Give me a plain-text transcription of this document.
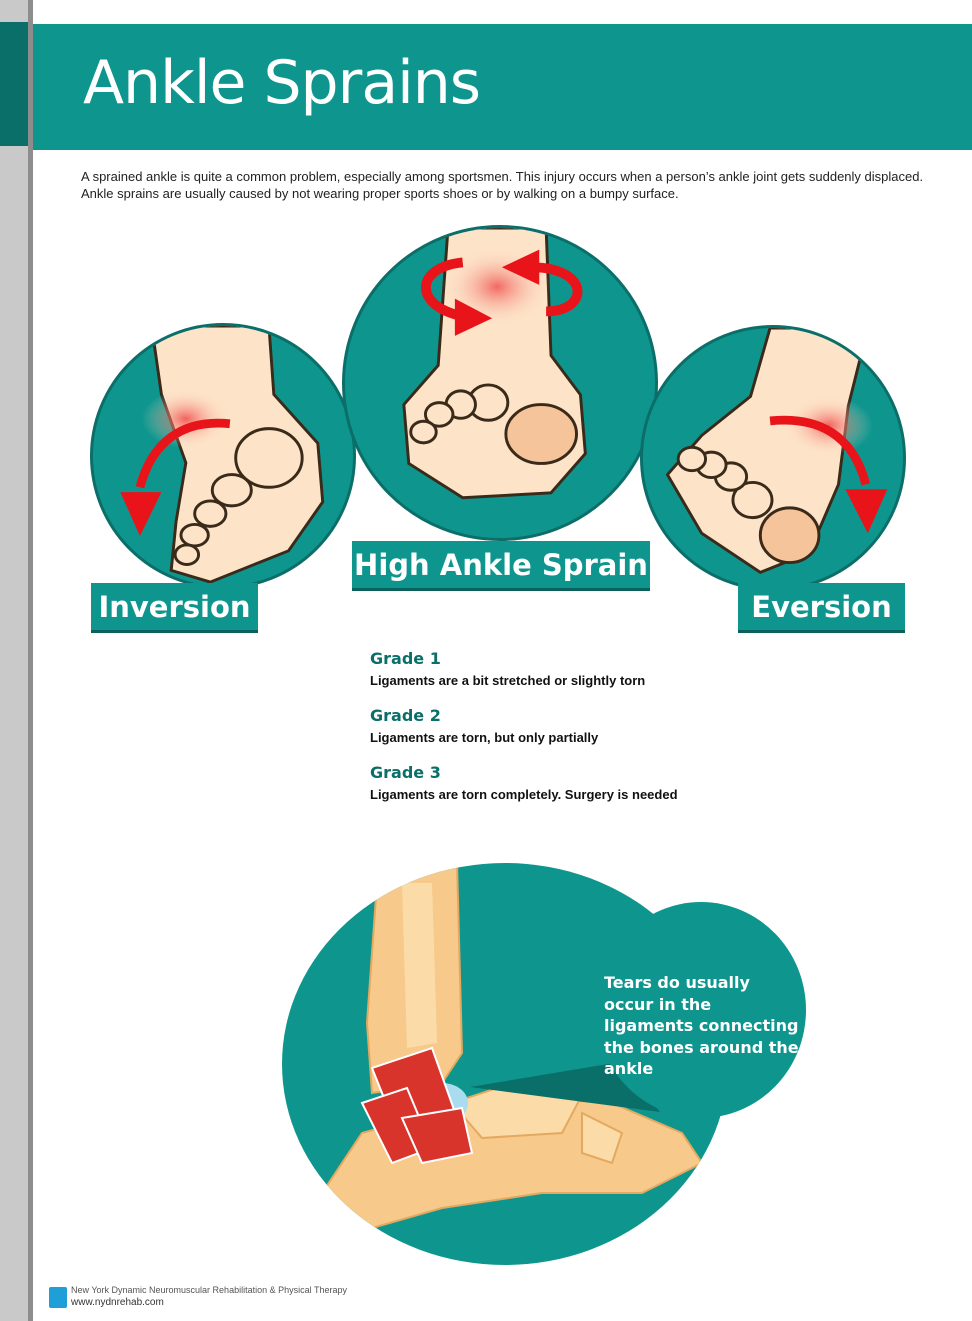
Ankle Sprains

A sprained ankle is quite a common problem, especially among sportsmen. This injury occurs when a person’s ankle joint gets suddenly displaced. Ankle sprains are usually caused by not wearing proper sports shoes or by walking on a bumpy surface.

Inversion
High Ankle Sprain
Eversion
Grade 1
Ligaments are a bit stretched or slightly torn
Grade 2
Ligaments are torn, but only partially
Grade 3
Ligaments are torn completely. Surgery is needed

Tears do usually occur in the ligaments connecting the bones around the ankle

New York Dynamic Neuromuscular Rehabilitation & Physical Therapy
www.nydnrehab.com
